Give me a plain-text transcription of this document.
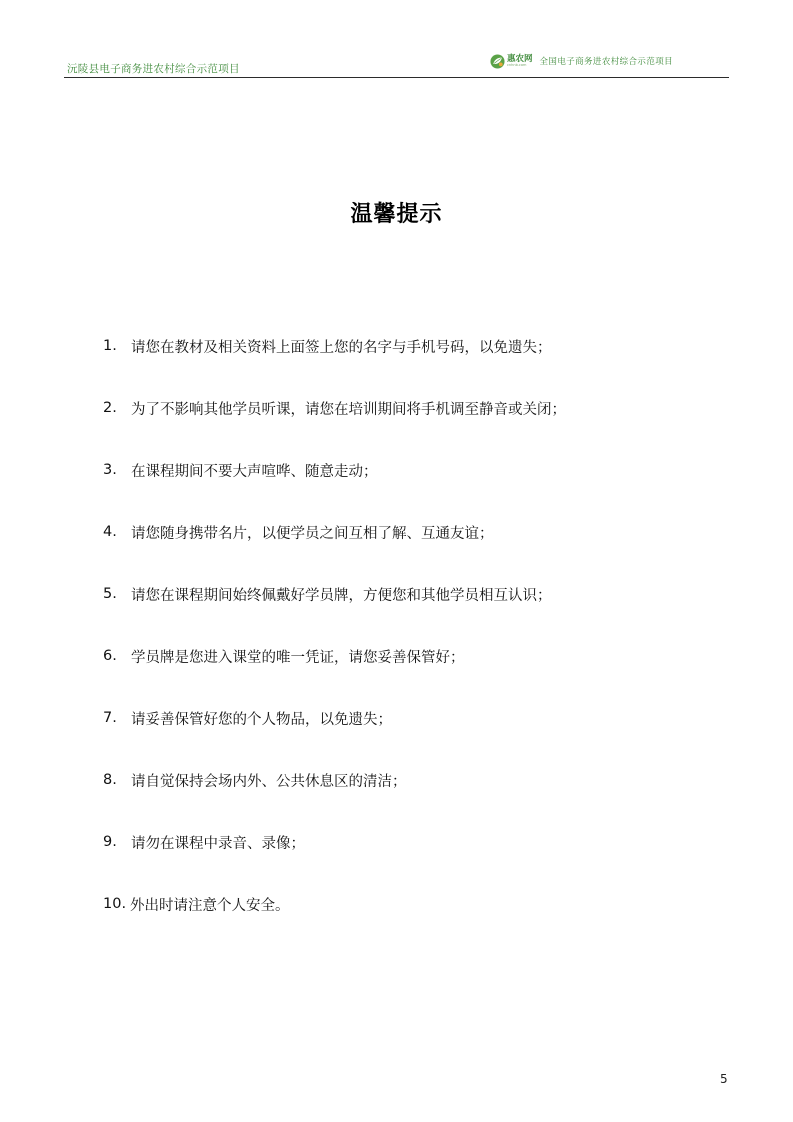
沅陵县电子商务进农村综合示范项目
惠农网
cnhnb.com	全国电子商务进农村综合示范项目
温馨提示
1. 请您在教材及相关资料上面签上您的名字与手机号码，以免遗失；
2. 为了不影响其他学员听课，请您在培训期间将手机调至静音或关闭；
3. 在课程期间不要大声喧哗、随意走动；
4. 请您随身携带名片，以便学员之间互相了解、互通友谊；
5. 请您在课程期间始终佩戴好学员牌，方便您和其他学员相互认识；
6. 学员牌是您进入课堂的唯一凭证，请您妥善保管好；
7. 请妥善保管好您的个人物品，以免遗失；
8. 请自觉保持会场内外、公共休息区的清洁；
9. 请勿在课程中录音、录像；
10. 外出时请注意个人安全。
5
